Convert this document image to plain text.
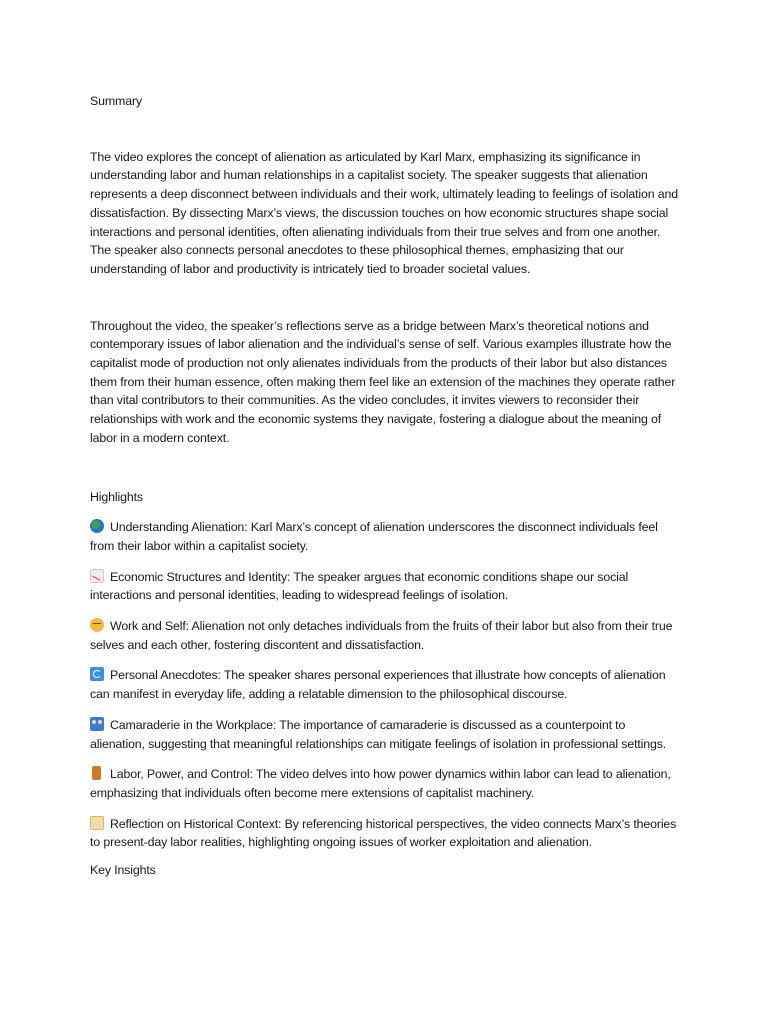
Summary

The video explores the concept of alienation as articulated by Karl Marx, emphasizing its significance in understanding labor and human relationships in a capitalist society. The speaker suggests that alienation represents a deep disconnect between individuals and their work, ultimately leading to feelings of isolation and dissatisfaction. By dissecting Marx’s views, the discussion touches on how economic structures shape social interactions and personal identities, often alienating individuals from their true selves and from one another. The speaker also connects personal anecdotes to these philosophical themes, emphasizing that our understanding of labor and productivity is intricately tied to broader societal values.

Throughout the video, the speaker’s reflections serve as a bridge between Marx’s theoretical notions and contemporary issues of labor alienation and the individual’s sense of self. Various examples illustrate how the capitalist mode of production not only alienates individuals from the products of their labor but also distances them from their human essence, often making them feel like an extension of the machines they operate rather than vital contributors to their communities. As the video concludes, it invites viewers to reconsider their relationships with work and the economic systems they navigate, fostering a dialogue about the meaning of labor in a modern context.

Highlights

Understanding Alienation: Karl Marx’s concept of alienation underscores the disconnect individuals feel from their labor within a capitalist society.

Economic Structures and Identity: The speaker argues that economic conditions shape our social interactions and personal identities, leading to widespread feelings of isolation.

Work and Self: Alienation not only detaches individuals from the fruits of their labor but also from their true selves and each other, fostering discontent and dissatisfaction.

Personal Anecdotes: The speaker shares personal experiences that illustrate how concepts of alienation can manifest in everyday life, adding a relatable dimension to the philosophical discourse.

Camaraderie in the Workplace: The importance of camaraderie is discussed as a counterpoint to alienation, suggesting that meaningful relationships can mitigate feelings of isolation in professional settings.

Labor, Power, and Control: The video delves into how power dynamics within labor can lead to alienation, emphasizing that individuals often become mere extensions of capitalist machinery.

Reflection on Historical Context: By referencing historical perspectives, the video connects Marx’s theories to present-day labor realities, highlighting ongoing issues of worker exploitation and alienation.

Key Insights
